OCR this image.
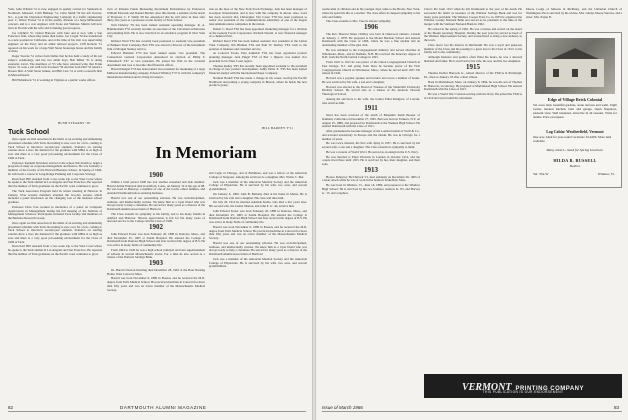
York. John Whalen '51 is now engaged in quality control for Sunbeam in Northeast, Missouri. Cobb Belknap '51, Chris Smith '50 has left Towner, N.J., to join the Charleston Engineering Company in a traffic engineering post. C. Oliver Fowler '51 is in the quality division of a large Midwestern concern, and is a cost engineer with Stone and Webster. Martin Gill now lives in Florida with his wife and is making good progress.

Joe Gilchrist '51 visited Hanover with Jane and is now with a San Francisco firm, where they make their home. Joe Cragin '52 has transferred to a new position in California, and at the time of his visit was supervising engineer on the Ferry and its allied railroad projects. Cliff Roberts '51 reported on his work for a large Wall Street brokerage house and his family of three.

Roger Stearns '51 writes from Dallas that he has built a study of his pet subject, seismology, and has two small boys. Bob Miller '51 is doing extensive travel. The members of '55 who have returned write that Frank Taylor '51 took a job with Jack Swenson '56 and that Tom Hall '53 joined a Boston firm. A Wall Street banker, and Bill Cass '51 is with a research firm in Massachusetts.

Bill Hallenbeck '51 is working in Virginia as a public works officer.

BUSH STEARNS '38
Tuck School

Once again we find ourselves in the midst of an exciting and stimulating placement schedule with Tuck. Recruiting is now over for a few, coming to Tuck School to interview second-year students. Statistics on starting salaries show a rise; the demand for the graduate with MBA is as high as ever and there is a very good job-seeking environment for the Class of 1966 at Tuck.

Professor Kenneth Davidson arrived at the school this month to begin a program of study on corporate management and finance. He was formerly a member of the faculty of the Harvard Business School. In Spring of 1966, he will teach a course in Long-Range Planning and Corporate Strategy.

Dean Karl Hill returned from a two-week trip to the West Coast where he spoke to the Tuck alumni in Los Angeles and San Francisco. He reported that the number of Tuck graduates on the Pacific coast continues to grow.

The Tuck Associates Program held its winter meeting in Hanover in January. Over seventy members attended the two-day session, which included a panel discussion on the changing role of the business school graduate.

Professor Dave Ives worked as moderator of a panel on Computer Applications in Management during the fall meeting of the Institute of Management Sciences. Participants included Tuck faculty and members of the Business Research Group.

Once again we find ourselves in the midst of an exciting and stimulating placement schedule with Tuck. Recruiting is now over for a few, coming to Tuck School to interview second-year students. Statistics on starting salaries show a rise; the demand for the graduate with MBA is as high as ever and there is a very good job-seeking environment for the Class of 1966 at Tuck.

Dean Karl Hill returned from a two-week trip to the West Coast where he spoke to the Tuck alumni in Los Angeles and San Francisco. He reported that the number of Tuck graduates on the Pacific coast continues to grow.

view of Pension Funds Measuring Investment Performance by Professors William Edwards and Donald Bartlett. Also this month, a seminar on the needs of Professor C. F. Smith '28 has announced that he will retire in June after thirty-five years as a professor on the faculty of Tuck School.

Tom Doherty '59 has been named assistant operating manager. R. A. Hammerstein T'55 recently became an associate of the Cleveland architecture and planning firm. He is now involved in an extensive program in New York City.

Richard Ward T'61 has recently been promoted to assistant vice president of Bankers Trust Company. Bob T'65 was elected a director of the investment firm of Morgan Stanley and Co.

Edward Hartman T'53 has been named senior vice president. The Connecticut General Corporation announced its election of Philip F. Fehrenbach T'47 as vice president. He joined the firm in the actuarial department and rose to become chief financial officer.

Harold Deetjen T'53 has been named vice president for marketing of a large Midwest manufacturing company. Edward Whitney T'57 is with the company's international division and is living in Geneva.

tion on the floor of the New York Stock Exchange. Jack has been manager of Goodyear International, and is now with the company in Akron. Also, word has been received that Christopher Van Caster T'59 has been promoted to senior vice president of the communications subsidiary of one of the largest telecommunications companies in the nation.

Robert C. Reed T'62 has been appointed marketing manager for a division of the General Foods Corporation. Richard Newell, is now financial manager of a chemical firm.

Richard Reed T'62 has been named assistant vice president at the Union Trust Company, Jim Hinman T'62 and Paul W. Skelley T'63, both to the position of business and customer service.

At Concord Foods, Pete Arnholdt T'64 has been appointed product planning manager. Jack Pingel T'63 of Pier 1 Imports was named vice president for its West Coast region.

Thomas Kelley T'65 has recently been appointed assistant to the president in charge of new product development. Ashly Fuller Jr. T'65 has been named financial analyst with the International Paper Company.

Norman Bodell T'64 has made a change in his career, leaving the Pacific Northwest and joining a young company in Boston, where he heads the new products group.

BILL BARNEY T'51
In Memoriam
1900

Within a brief period 1900 has lost another esteemed and able member. Harold Arthur Emerson died in Ashford, Conn., on January 10 at the age of 88. He was born in Hanover, a member of one of the town's oldest families, and attended Dartmouth before entering business.

Harold was one of our outstanding scholars. He was well-disciplined, studious, and intellectually curious. We knew him as a loyal friend who was always ready to help a classmate. He served for many years as a director of the Dartmouth Alumni Association of Hartford.

The Class extends its sympathy to his family, and to his many friends in Ashford and Hanover. Sincere appreciation is felt for his many years of devoted service to the College and the Class of 1900.

1902

John Edward Foster was born February 26, 1880 in Danvers, Mass., and died December 25, 1965 at Salem Hospital. He entered the College at Dartmouth from Danvers High School and later received the degree of B.S. He was active in many fields of community life.

From 1904 to 1940 he was a high school principal and later superintendent of schools in several Massachusetts towns. For a time he also served as a trustee of the Danvers Savings Bank.

1903

Dr. Harold Newton Dawling died December 28, 1965 at the Hale Nursing Home, West Concord, Mass.

Harold was born November 6, 1880 in Boston, and he received the M.D. degree from Tufts Medical School. He practiced medicine in Concord for more than fifty years and was an active member of the Massachusetts Medical Society.

and Cagle of Chicago, and of Baltimore, and was a fellow of the American College of Surgeons. Among his survivors is a daughter, Mrs. Walter C. Pier.

Jack was a member of the American Medical Society and the American College of Physicians. He is survived by his wife, two sons, and several grandchildren.

On January 6, 1966, John B. Bellamy died at his home in Maine. He is survived by his wife and a daughter. His class will miss him.

On July 26, 1914 he married Adelaide Kettle, who died a few years later. His second wife, the former Marion, and John E. Jr. '44, survive him.

John Edward Foster was born February 26, 1880 in Danvers, Mass., and died December 25, 1965 at Salem Hospital. He entered the College at Dartmouth from Danvers High School and later received the degree of B.S. He was active in many fields of community life.

Harold was born November 6, 1880 in Boston, and he received the M.D. degree from Tufts Medical School. He practiced medicine in Concord for more than fifty years and was an active member of the Massachusetts Medical Society.

Harold was one of our outstanding scholars. He was well-disciplined, studious, and intellectually curious. We knew him as a loyal friend who was always ready to help a classmate. He served for many years as a director of the Dartmouth Alumni Association of Hartford.

Jack was a member of the American Medical Society and the American College of Physicians. He is survived by his wife, two sons, and several grandchildren.

82	DARTMOUTH ALUMNI MAGAZINE

rooms kind of children and in his younger days came to the Bronx, New York, where he spent his life as a teacher. The class offers its deepest sympathy to his wife and family.

The Class extends to Mrs. Tree its sincere sympathy.

1906

The Rev. Howard James Chidley was born in Oakwood, Ontario, Canada on January 1, 1878. He prepared at the Mount Hermon School and entered Dartmouth with the Class of 1906, where he was a fine student and an outstanding member of the glee club.

He was ordained to the Congregational ministry and served churches in Winchester, Mass., and in Durham, N.H. He received the honorary degree of D.D. from the North Central College in 1925.

From 1910 to 1915 he was pastor of the Union Congregational Church in East Orange, N.J. and going from there he became pastor of the First Congregational Church in Winchester, Mass., where he served until 1937. He retired in 1945.

Howard was a popular speaker and lecturer and wrote a number of books. He was survived by his wife, a son and a daughter.

Howard was elected to the Board of Trustees of the Vanderbilt University Divinity School. He served also as a trustee of the Andover Newton Theological School.

Among his survivors is his wife, the former Ethel Pettigrew of Lorrain, who survives him.

1911

Word has been received of the death of Benjamin Keith Hooper of Oakland, California on December 27, 1965. Ben was born in Yonkers, N.Y. on August 25, 1889, and prepared for Dartmouth at the Yonkers High School. He entered Dartmouth with the Class of 1911.

After graduation he became manager of the London branch of Swift & Co., and traveled extensively in Europe and the Orient. He was in Chicago for a number of years.

He was twice married, his first wife dying in 1957. He is survived by his second wife, a son and a daughter. The Class extends its sympathy to them.

He was a veteran of World War I. He served as an ensign in the U.S. Navy.

He was married to Ellen Warwick in London in October 1914, and the couple lived there until 1925. He is survived by her, their daughter, and their sons.

1913

Horace Pennyroy McClintock '13, died suddenly on December 26, 1965 of a heart attack while he was at work in his home in Wakefield, Mass.

He was born in Windsor, Vt., June 16, 1889, and prepared at the Windsor High School. He is survived by his two brothers, Andrew K. '05, and Harvey G. '15, and a nephew.

Clare's life from 1913 when he left Dartmouth to the year of his death. He succeeded his father as treasurer of the Windsor Savings Bank and was for many years president. The Windsor Cooper Trust Co. in 1935 he organized the Windsor County National Bank and served as its president to the time of the merger with the Vermont National Bank in 1962.

He retired in the spring of 1965. He was a trustee and served on the board of the Mount Ascutney Hospital. During the past years he served as head of the Windsor Improvement Society, and worked hard to bring a new industry to the town.

Clare never lost his interest in Dartmouth. He was a loyal and generous member of the Class and his passing is a great loss to the Class of 1913, to his family and to the community.

Although business and politics often filled his hours, he was a devoted husband and father. He is survived by his wife, his son, and his two daughters.

1915

Thomas Dolber Hancock Jr., retired director of the YMCA in Pittsburgh, Pa., died on January 18 after a short illness.

Born in Marblehead, Mass. on January 8, 1894, he was the son of Thomas D. Hancock, an attorney. He prepared at Marblehead High School. He entered Dartmouth with the Class of 1915.

He was a World War I veteran serving with the Navy. He joined the YMCA in 1919 and served until his retirement.

Moore Lodge of Masons in Richburg, and the Unitarian Church of Washington. He is survived by his widow, Mrs. Gladys Moore Stevens, and a sister, Mrs. Payne B.

Edge of Village Brick Colonial
Six acres land, beautiful gardens, stone terraces and walls. Eight rooms, modern kitchen, barn and garage. Open fireplaces, pleasant view. Well insulated, attractive in all seasons. Write for details. Price on request.
Log Cabin: Westherfield, Vermont
One acre. Ideal for year-round vacations. $14,000. More land available.
Many others—Send for Spring brochure.
HILDA B. RUSSELL
Realtor
Tel. 354-W	Windsor, Vt.
VERMONT PRINTING COMPANY
THIS PUBLICATION IS OUR ENDORSEMENT
Issue of March 1966	83
